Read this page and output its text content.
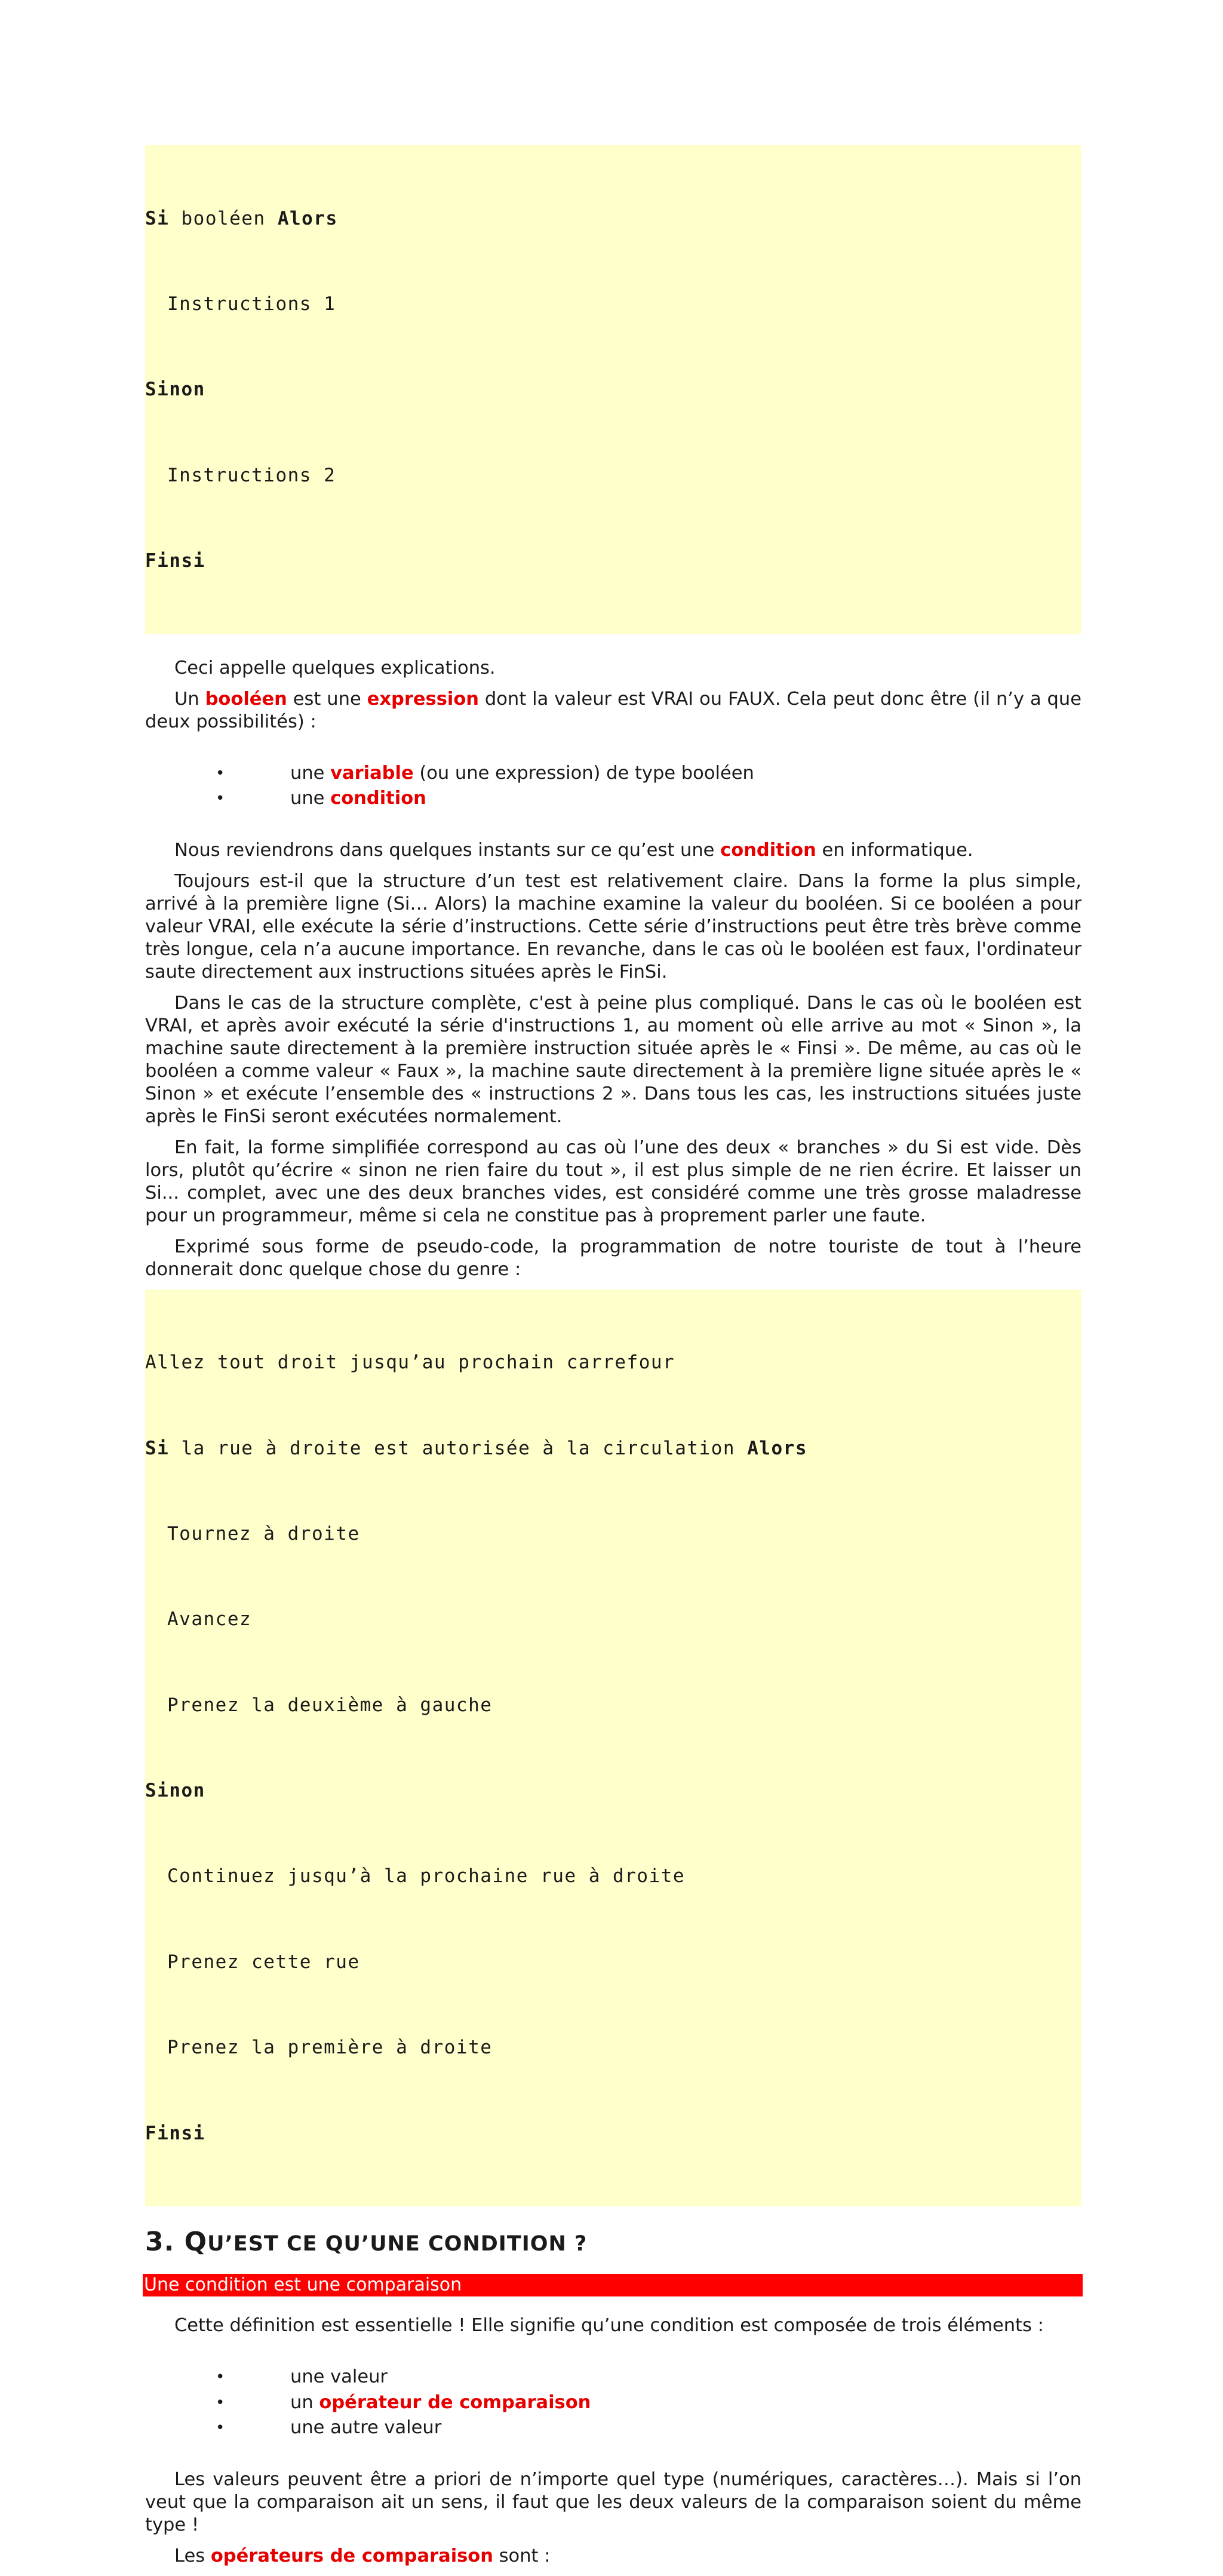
Si booléen Alors

Instructions 1

Sinon

Instructions 2

Finsi

Ceci appelle quelques explications.

Un booléen est une expression dont la valeur est VRAI ou FAUX. Cela peut donc être (il n’y a que deux possibilités) :

•	une variable (ou une expression) de type booléen
•	une condition

Nous reviendrons dans quelques instants sur ce qu’est une condition en informatique.

Toujours est-il que la structure d’un test est relativement claire. Dans la forme la plus simple, arrivé à la première ligne (Si… Alors) la machine examine la valeur du booléen. Si ce booléen a pour valeur VRAI, elle exécute la série d’instructions. Cette série d’instructions peut être très brève comme très longue, cela n’a aucune importance. En revanche, dans le cas où le booléen est faux, l'ordinateur saute directement aux instructions situées après le FinSi.

Dans le cas de la structure complète, c'est à peine plus compliqué. Dans le cas où le booléen est VRAI, et après avoir exécuté la série d'instructions 1, au moment où elle arrive au mot « Sinon », la machine saute directement à la première instruction située après le « Finsi ». De même, au cas où le booléen a comme valeur « Faux », la machine saute directement à la première ligne située après le « Sinon » et exécute l’ensemble des « instructions 2 ». Dans tous les cas, les instructions situées juste après le FinSi seront exécutées normalement.

En fait, la forme simplifiée correspond au cas où l’une des deux « branches » du Si est vide. Dès lors, plutôt qu’écrire « sinon ne rien faire du tout », il est plus simple de ne rien écrire. Et laisser un Si... complet, avec une des deux branches vides, est considéré comme une très grosse maladresse pour un programmeur, même si cela ne constitue pas à proprement parler une faute.

Exprimé sous forme de pseudo-code, la programmation de notre touriste de tout à l’heure donnerait donc quelque chose du genre :

Allez tout droit jusqu’au prochain carrefour

Si la rue à droite est autorisée à la circulation Alors

Tournez à droite

Avancez

Prenez la deuxième à gauche

Sinon

Continuez jusqu’à la prochaine rue à droite

Prenez cette rue

Prenez la première à droite

Finsi

3. QU’EST CE QU’UNE CONDITION ?
Une condition est une comparaison

Cette définition est essentielle ! Elle signifie qu’une condition est composée de trois éléments :

•	une valeur
•	un opérateur de comparaison
•	une autre valeur

Les valeurs peuvent être a priori de n’importe quel type (numériques, caractères…). Mais si l’on veut que la comparaison ait un sens, il faut que les deux valeurs de la comparaison soient du même type !

Les opérateurs de comparaison sont :
